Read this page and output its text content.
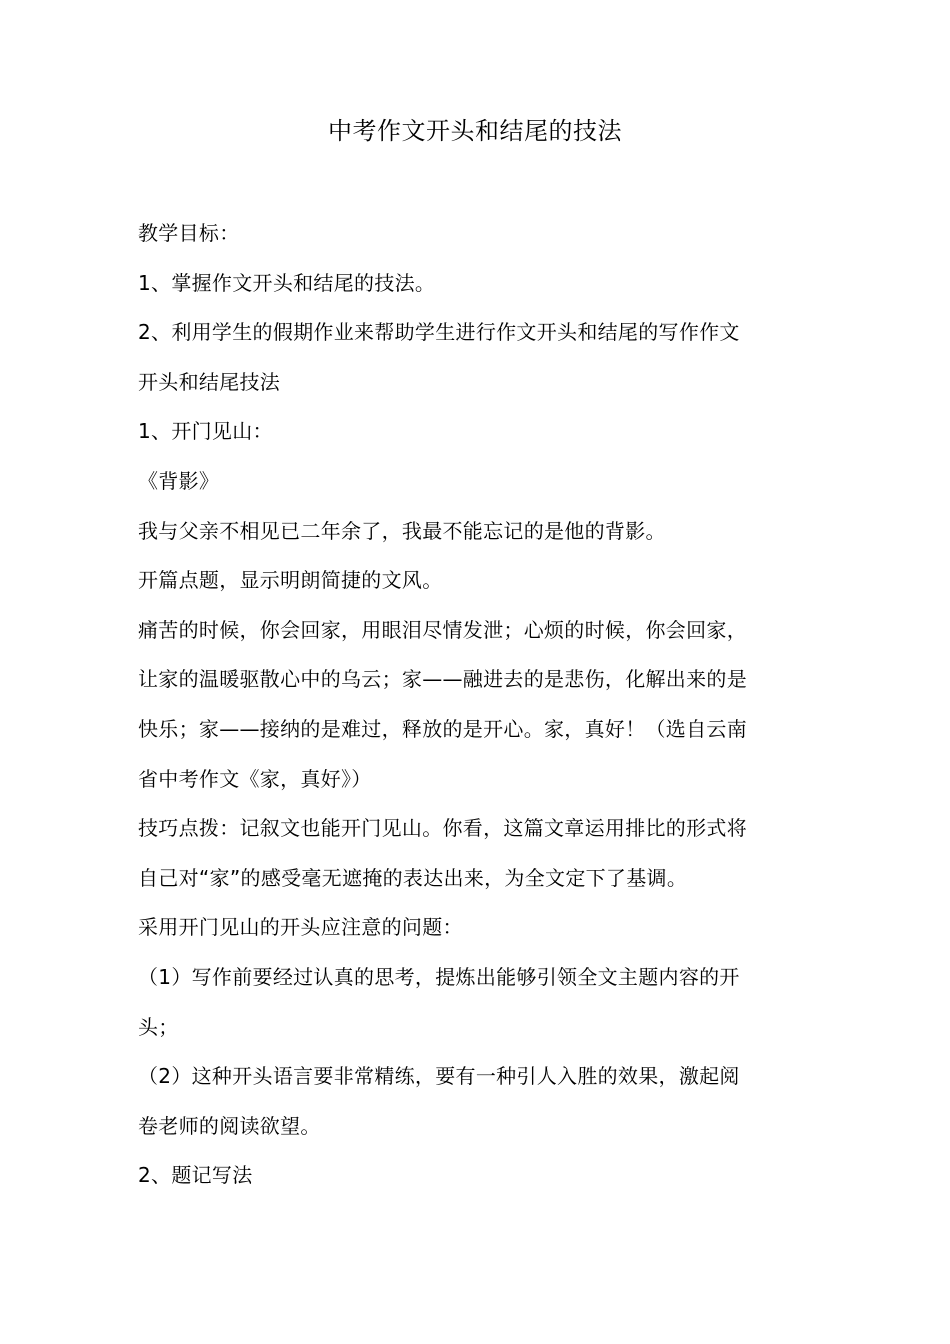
中考作文开头和结尾的技法

教学目标：

1、掌握作文开头和结尾的技法。

2、利用学生的假期作业来帮助学生进行作文开头和结尾的写作作文

开头和结尾技法

1、开门见山：

《背影》

我与父亲不相见已二年余了，我最不能忘记的是他的背影。

开篇点题，显示明朗简捷的文风。

痛苦的时候，你会回家，用眼泪尽情发泄；心烦的时候，你会回家，

让家的温暖驱散心中的乌云；家——融进去的是悲伤，化解出来的是

快乐；家——接纳的是难过，释放的是开心。家，真好！（选自云南

省中考作文《家，真好》）

技巧点拨：记叙文也能开门见山。你看，这篇文章运用排比的形式将

自己对“家”的感受毫无遮掩的表达出来，为全文定下了基调。

采用开门见山的开头应注意的问题：

（1）写作前要经过认真的思考，提炼出能够引领全文主题内容的开

头；

（2）这种开头语言要非常精练，要有一种引人入胜的效果，激起阅

卷老师的阅读欲望。

2、题记写法
